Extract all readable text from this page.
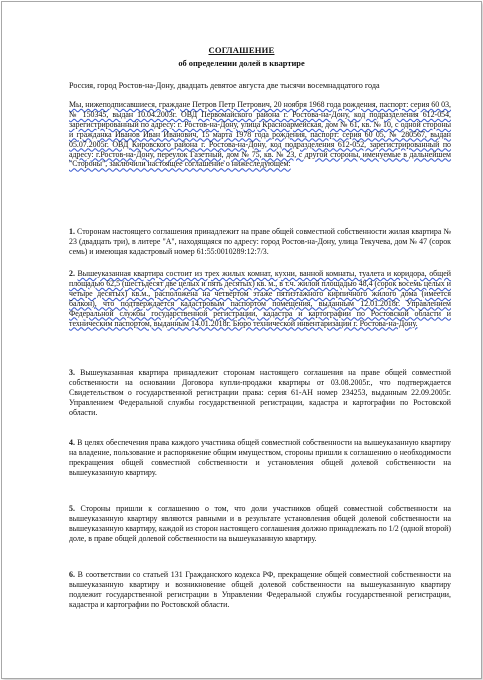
СОГЛАШЕНИЕ
об определении долей в квартире
Россия, город Ростов-на-Дону, двадцать девятое августа две тысячи восемнадцатого года
Мы, нижеподписавшиеся, граждане Петров Петр Петрович, 20 ноября 1968 года рождения, паспорт: серия 60 03, № 150345, выдан 10.04.2003г. ОВД Первомайского района г. Ростова-на-Дону, код подразделения 612-054, зарегистрированный по адресу: г. Ростов-на-Дону, улица Красноармейская, дом № 61, кв. № 10, с одной стороны и гражданка Иванов Иван Иванович, 15 марта 1978 года рождения, паспорт: серия 60 05, № 280567, выдан 05.07.2005г. ОВД Кировского района г. Ростова-на-Дону, код подразделения 612-052, зарегистрированный по адресу: г.Ростов-на-Дону, переулок Газетный, дом № 75, кв. № 23, с другой стороны, именуемые в дальнейшем "Стороны", заключили настоящее соглашение о нижеследующем:
1. Сторонам настоящего соглашения принадлежит на праве общей совместной собственности жилая квартира № 23 (двадцать три), в литере "А", находящаяся по адресу: город Ростов-на-Дону, улица Текучева, дом № 47 (сорок семь) и имеющая кадастровый номер 61:55:0010289:12:7/3.
2. Вышеуказанная квартира состоит из трех жилых комнат, кухни, ванной комнаты, туалета и коридора, общей площадью 62,5 (шестьдесят две целых и пять десятых) кв. м., в т.ч. жилой площадью 48,4 (сорок восемь целых и четыре десятых) кв.м., расположена на четвертом этаже пятиэтажного кирпичного жилого дома (имеется балкон), что подтверждается кадастровым паспортом помещения, выданным 12.01.2018г. Управлением Федеральной службы государственной регистрации, кадастра и картографии по Ростовской области и техническим паспортом, выданным 14.01.2018г. Бюро технической инвентаризации г. Ростова-на-Дону.
3. Вышеуказанная квартира принадлежит сторонам настоящего соглашения на праве общей совместной собственности на основании Договора купли-продажи квартиры от 03.08.2005г., что подтверждается Свидетельством о государственной регистрации права: серия 61-АН номер 234253, выданным 22.09.2005г. Управлением Федеральной службы государственной регистрации, кадастра и картографии по Ростовской области.
4. В целях обеспечения права каждого участника общей совместной собственности на вышеуказанную квартиру на владение, пользование и распоряжение общим имуществом, стороны пришли к соглашению о необходимости прекращения общей совместной собственности и установления общей долевой собственности на вышеуказанную квартиру.
5. Стороны пришли к соглашению о том, что доли участников общей совместной собственности на вышеуказанную квартиру являются равными и в результате установления общей долевой собственности на вышеуказанную квартиру, каждой из сторон настоящего соглашения должно принадлежать по 1/2 (одной второй) доле, в праве общей долевой собственности на вышеуказанную квартиру.
6. В соответствии со статьей 131 Гражданского кодекса РФ, прекращение общей совместной собственности на вышеуказанную квартиру и возникновение общей долевой собственности на вышеуказанную квартиру подлежит государственной регистрации в Управлении Федеральной службы государственной регистрации, кадастра и картографии по Ростовской области.
